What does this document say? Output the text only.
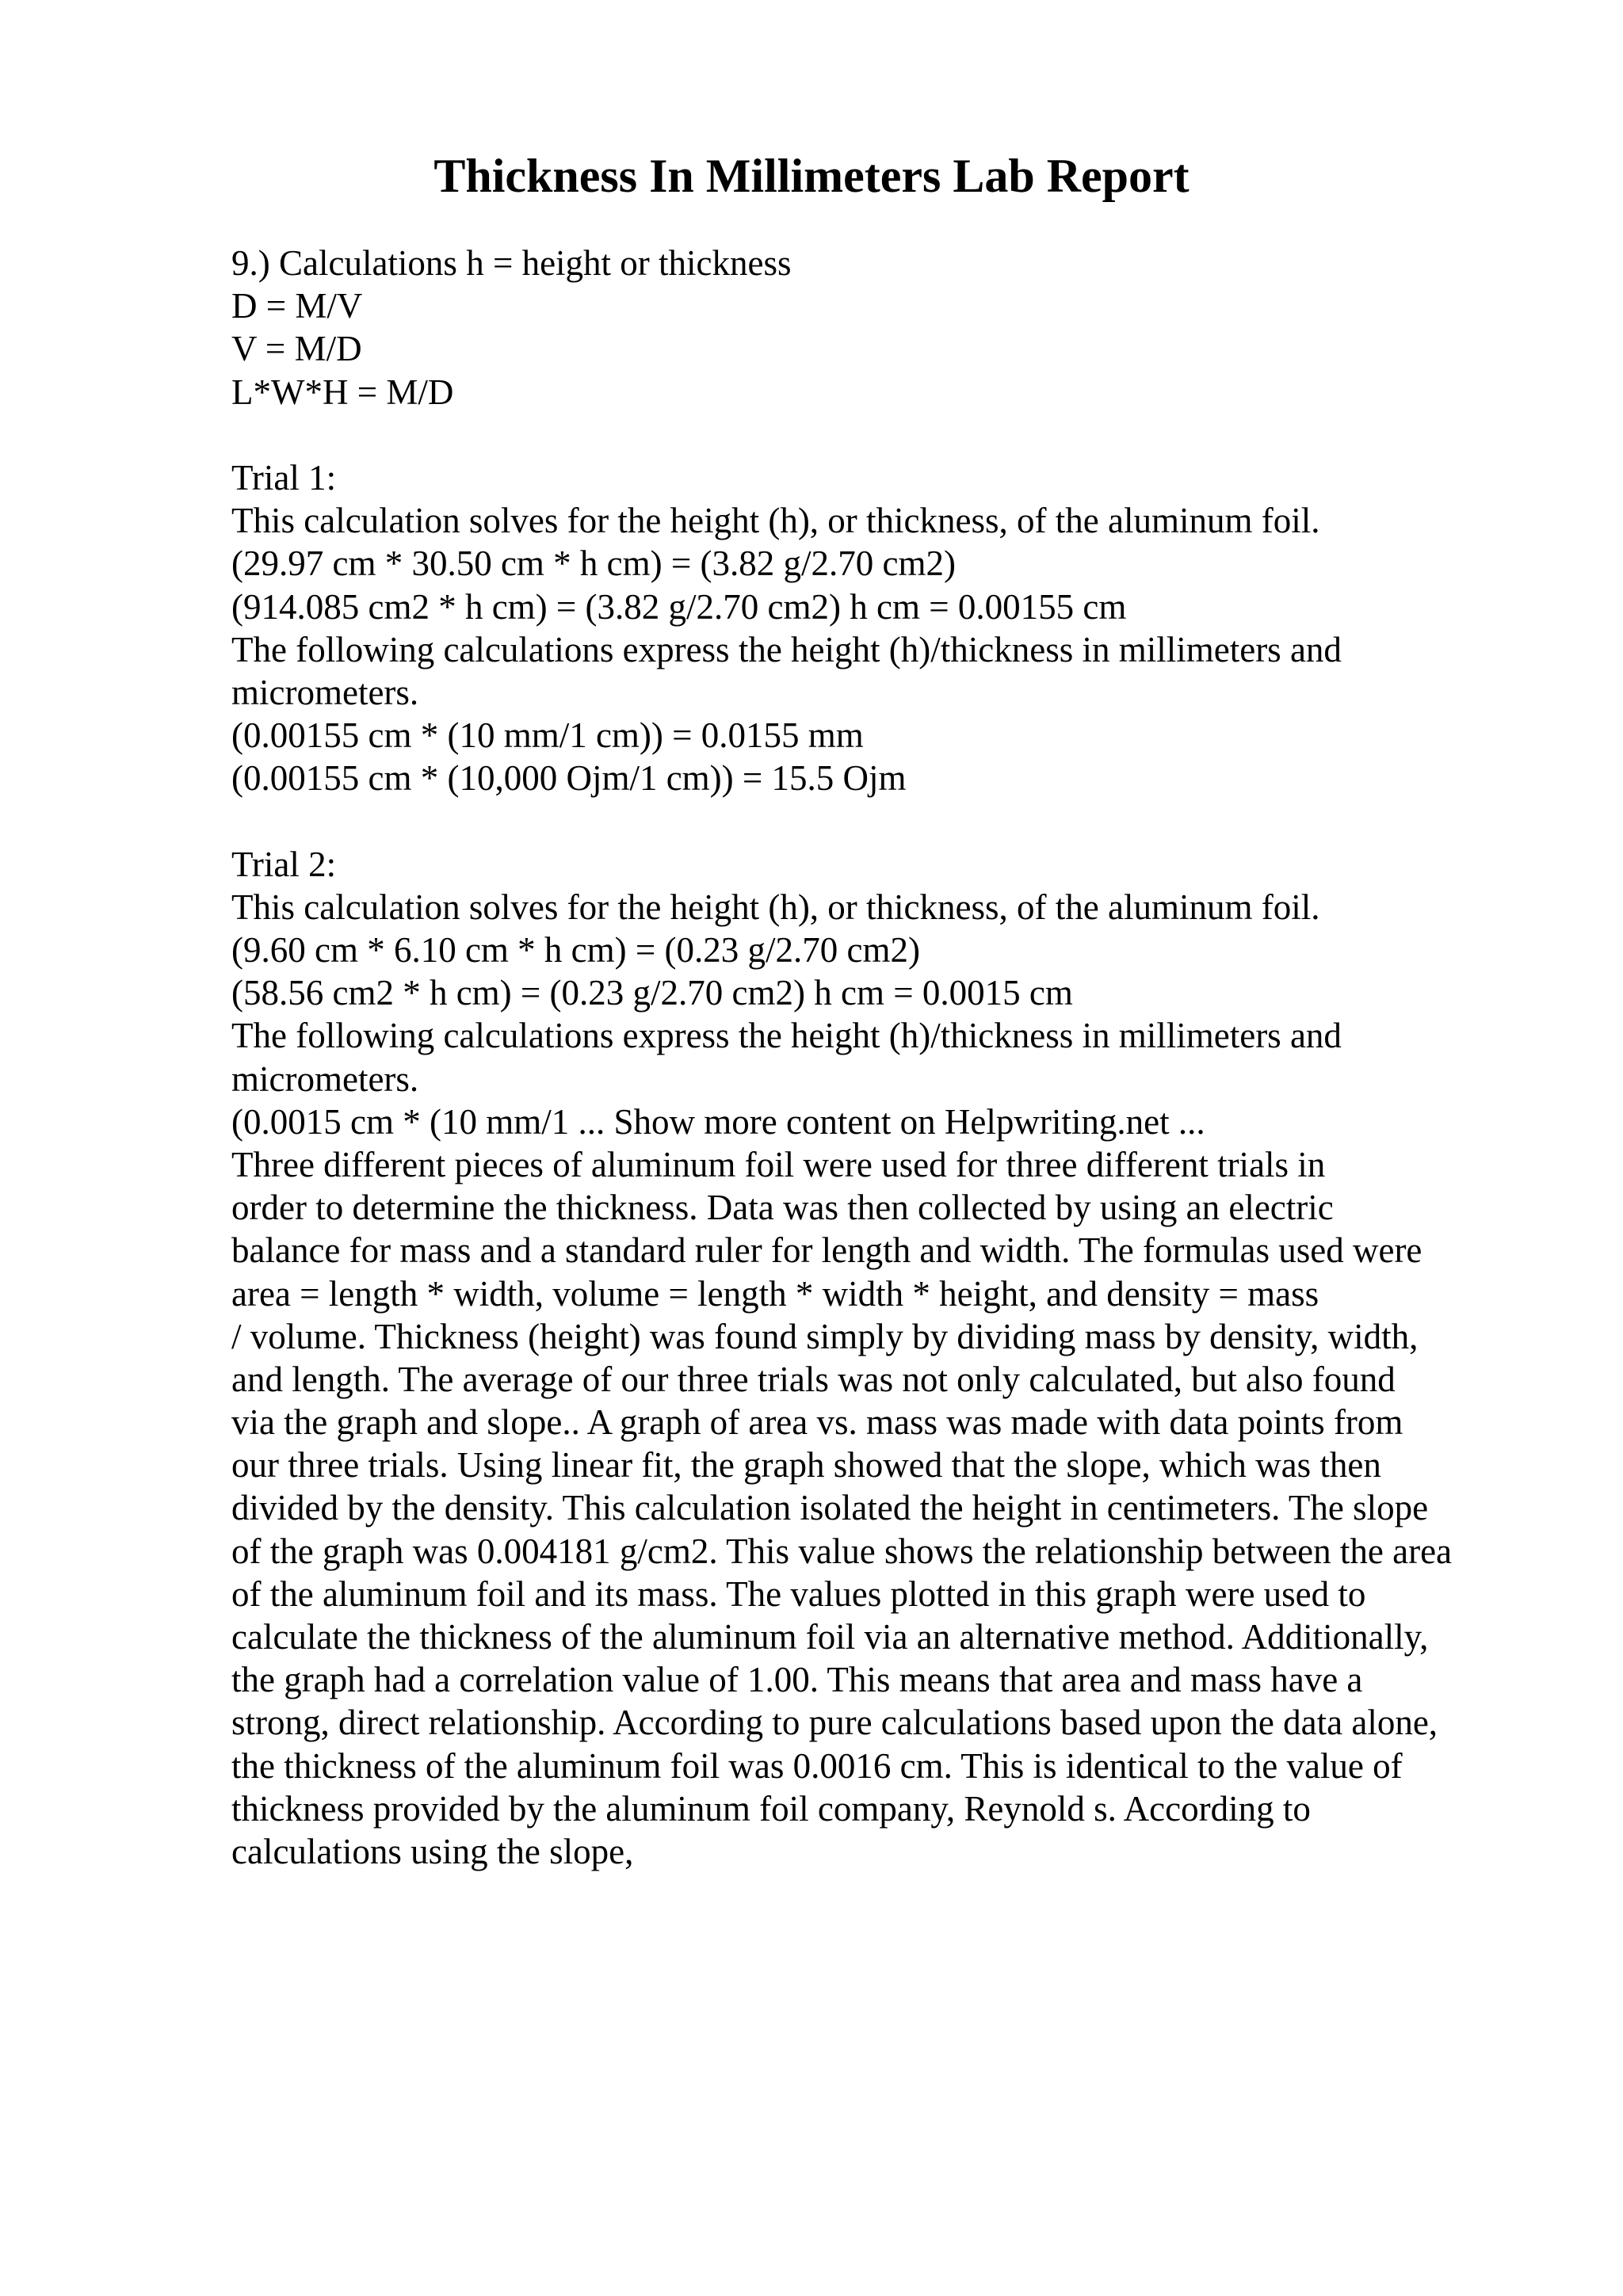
Thickness In Millimeters Lab Report
9.) Calculations h = height or thickness
D = M/V
V = M/D
L*W*H = M/D
Trial 1:
This calculation solves for the height (h), or thickness, of the aluminum foil.
(29.97 cm * 30.50 cm * h cm) = (3.82 g/2.70 cm2)
(914.085 cm2 * h cm) = (3.82 g/2.70 cm2) h cm = 0.00155 cm
The following calculations express the height (h)/thickness in millimeters and
micrometers.
(0.00155 cm * (10 mm/1 cm)) = 0.0155 mm
(0.00155 cm * (10,000 Ojm/1 cm)) = 15.5 Ojm
Trial 2:
This calculation solves for the height (h), or thickness, of the aluminum foil.
(9.60 cm * 6.10 cm * h cm) = (0.23 g/2.70 cm2)
(58.56 cm2 * h cm) = (0.23 g/2.70 cm2) h cm = 0.0015 cm
The following calculations express the height (h)/thickness in millimeters and
micrometers.
(0.0015 cm * (10 mm/1 ... Show more content on Helpwriting.net ...
Three different pieces of aluminum foil were used for three different trials in
order to determine the thickness. Data was then collected by using an electric
balance for mass and a standard ruler for length and width. The formulas used were
area = length * width, volume = length * width * height, and density = mass
/ volume. Thickness (height) was found simply by dividing mass by density, width,
and length. The average of our three trials was not only calculated, but also found
via the graph and slope.. A graph of area vs. mass was made with data points from
our three trials. Using linear fit, the graph showed that the slope, which was then
divided by the density. This calculation isolated the height in centimeters. The slope
of the graph was 0.004181 g/cm2. This value shows the relationship between the area
of the aluminum foil and its mass. The values plotted in this graph were used to
calculate the thickness of the aluminum foil via an alternative method. Additionally,
the graph had a correlation value of 1.00. This means that area and mass have a
strong, direct relationship. According to pure calculations based upon the data alone,
the thickness of the aluminum foil was 0.0016 cm. This is identical to the value of
thickness provided by the aluminum foil company, Reynold s. According to
calculations using the slope,
